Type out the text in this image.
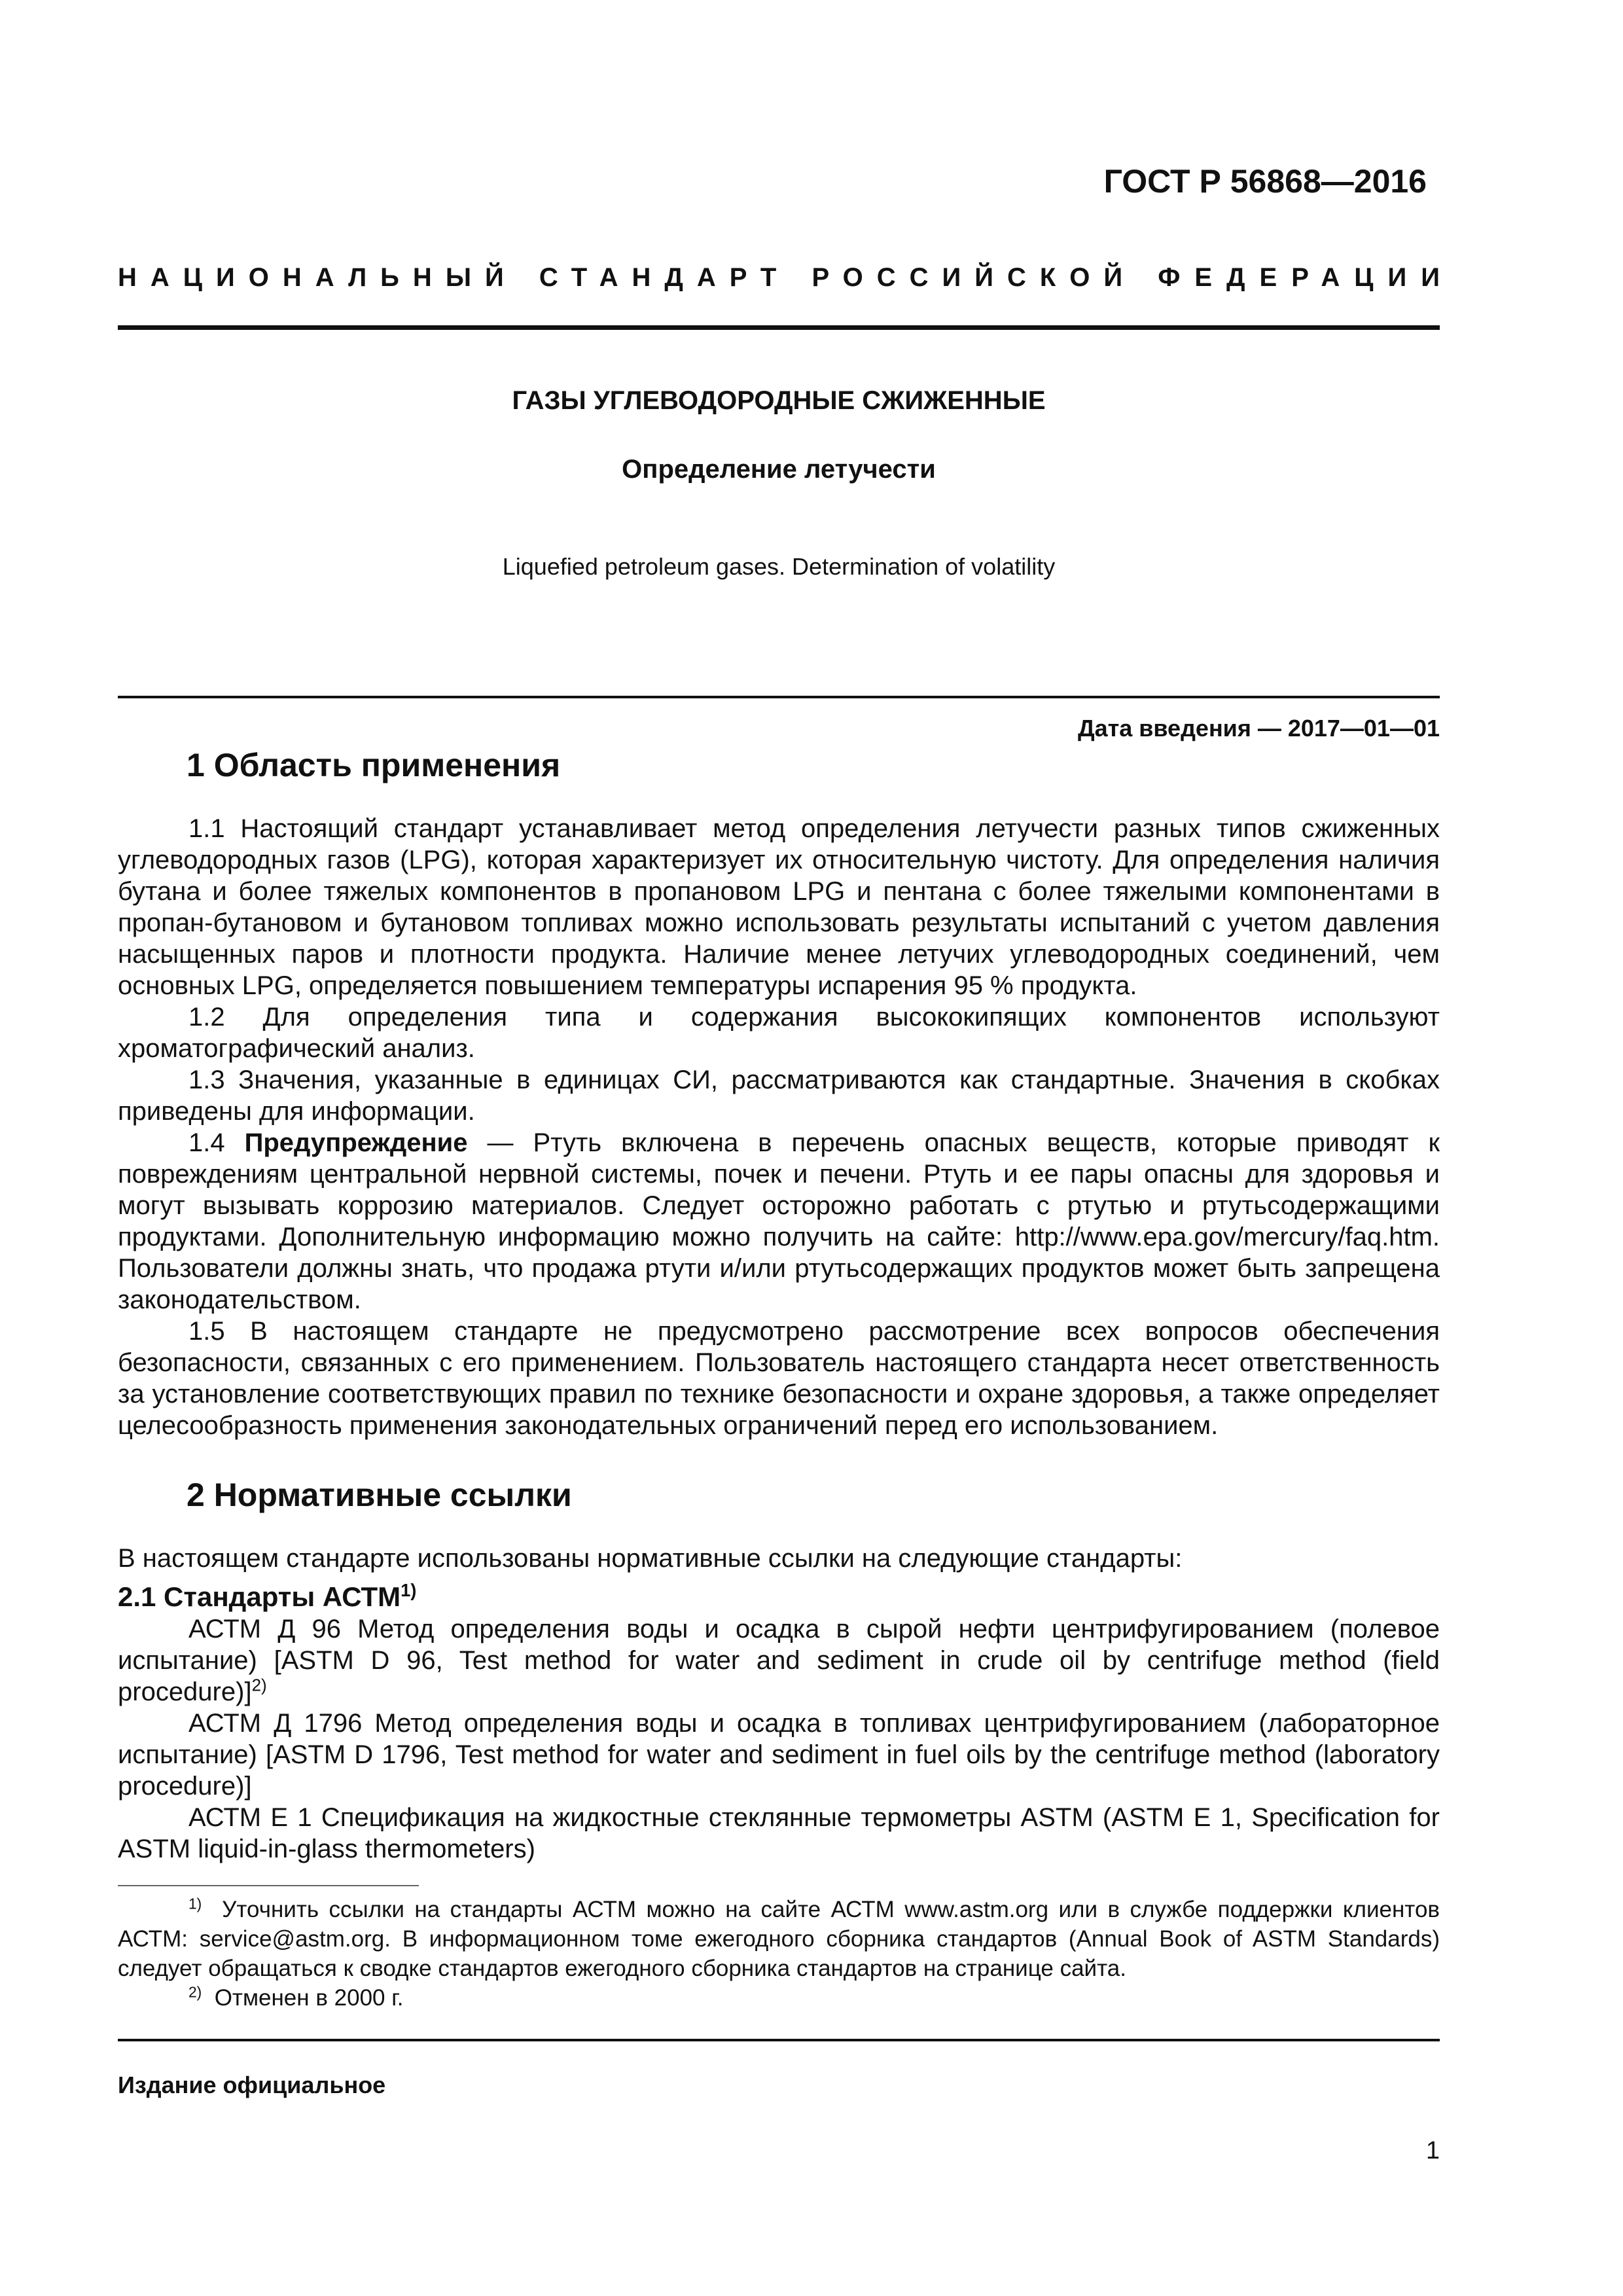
ГОСТ Р 56868—2016
НАЦИОНАЛЬНЫЙ СТАНДАРТ РОССИЙСКОЙ ФЕДЕРАЦИИ
ГАЗЫ УГЛЕВОДОРОДНЫЕ СЖИЖЕННЫЕ
Определение летучести
Liquefied petroleum gases. Determination of volatility
Дата введения — 2017—01—01
1 Область применения

1.1 Настоящий стандарт устанавливает метод определения летучести разных типов сжиженных углеводородных газов (LPG), которая характеризует их относительную чистоту. Для определения наличия бутана и более тяжелых компонентов в пропановом LPG и пентана с более тяжелыми компонентами в пропан-бутановом и бутановом топливах можно использовать результаты испытаний с учетом давления насыщенных паров и плотности продукта. Наличие менее летучих углеводородных соединений, чем основных LPG, определяется повышением температуры испарения 95 % продукта.

1.2 Для определения типа и содержания высококипящих компонентов используют хроматографический анализ.

1.3 Значения, указанные в единицах СИ, рассматриваются как стандартные. Значения в скобках приведены для информации.

1.4 Предупреждение — Ртуть включена в перечень опасных веществ, которые приводят к повреждениям центральной нервной системы, почек и печени. Ртуть и ее пары опасны для здоровья и могут вызывать коррозию материалов. Следует осторожно работать с ртутью и ртутьсодержащими продуктами. Дополнительную информацию можно получить на сайте: http://www.epa.gov/mercury/faq.htm. Пользователи должны знать, что продажа ртути и/или ртутьсодержащих продуктов может быть запрещена законодательством.

1.5 В настоящем стандарте не предусмотрено рассмотрение всех вопросов обеспечения безопасности, связанных с его применением. Пользователь настоящего стандарта несет ответственность за установление соответствующих правил по технике безопасности и охране здоровья, а также определяет целесообразность применения законодательных ограничений перед его использованием.

2 Нормативные ссылки

В настоящем стандарте использованы нормативные ссылки на следующие стандарты:

2.1 Стандарты АСТМ$^{1)}$

АСТМ Д 96 Метод определения воды и осадка в сырой нефти центрифугированием (полевое испытание) [ASTM D 96, Test method for water and sediment in crude oil by centrifuge method (field procedure)]$^{2)}$

АСТМ Д 1796 Метод определения воды и осадка в топливах центрифугированием (лабораторное испытание) [ASTM D 1796, Test method for water and sediment in fuel oils by the centrifuge method (laboratory procedure)]

АСТМ Е 1 Спецификация на жидкостные стеклянные термометры ASTM (ASTM E 1, Specification for ASTM liquid-in-glass thermometers)

$^{1)}$ Уточнить ссылки на стандарты АСТМ можно на сайте АСТМ www.astm.org или в службе поддержки клиентов АСТМ: service@astm.org. В информационном томе ежегодного сборника стандартов (Annual Book of ASTM Standards) следует обращаться к сводке стандартов ежегодного сборника стандартов на странице сайта.

$^{2)}$ Отменен в 2000 г.

Издание официальное
1
